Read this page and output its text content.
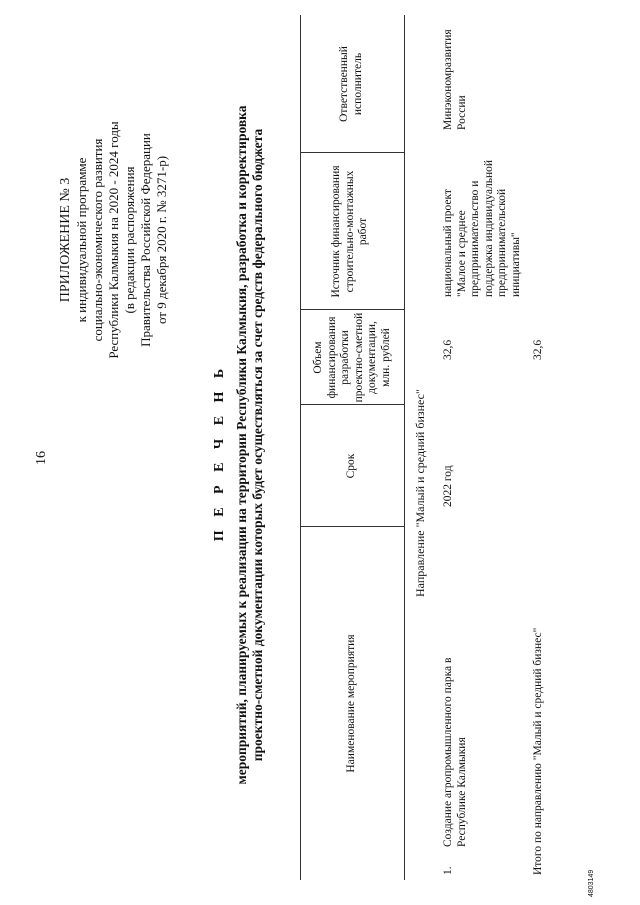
16
ПРИЛОЖЕНИЕ № 3 к индивидуальной программе социально-экономического развития Республики Калмыкия на 2020 - 2024 годы (в редакции распоряжения Правительства Российской Федерации от 9 декабря 2020 г. № 3271-р)
П Е Р Е Ч Е Н Ь мероприятий, планируемых к реализации на территории Республики Калмыкия, разработка и корректировка проектно-сметной документации которых будет осуществляться за счет средств федерального бюджета	Наименование мероприятия
Срок
Объем финансирования разработки проектно-сметной документации, млн. рублей
Источник финансирования строительно-монтажных работ
Ответственный исполнитель
Направление "Малый и средний бизнес"
1.
Создание агропромышленного парка в Республике Калмыкия
2022 год
32,6
национальный проект "Малое и среднее предпринимательство и поддержка индивидуальной предпринимательской инициативы"
Минэкономразвития России
Итого по направлению "Малый и средний бизнес"
32,6
4803149
